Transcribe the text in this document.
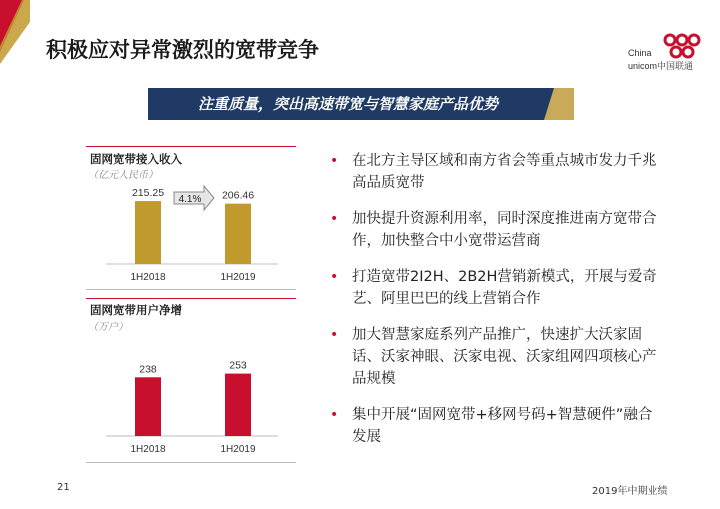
积极应对异常激烈的宽带竞争	China
unicom中国联通
注重质量，突出高速带宽与智慧家庭产品优势
固网宽带接入收入
（亿元人民币）
215.25
1H2018
206.46
1H2019
4.1%
固网宽带用户净增
（万户）
238
1H2018
253
1H2019
• 在北方主导区域和南方省会等重点城市发力千兆高品质宽带
• 加快提升资源利用率，同时深度推进南方宽带合作，加快整合中小宽带运营商
• 打造宽带2I2H、2B2H营销新模式，开展与爱奇艺、阿里巴巴的线上营销合作
• 加大智慧家庭系列产品推广，快速扩大沃家固话、沃家神眼、沃家电视、沃家组网四项核心产品规模
• 集中开展“固网宽带+移网号码+智慧硬件”融合发展
21	2019年中期业绩
